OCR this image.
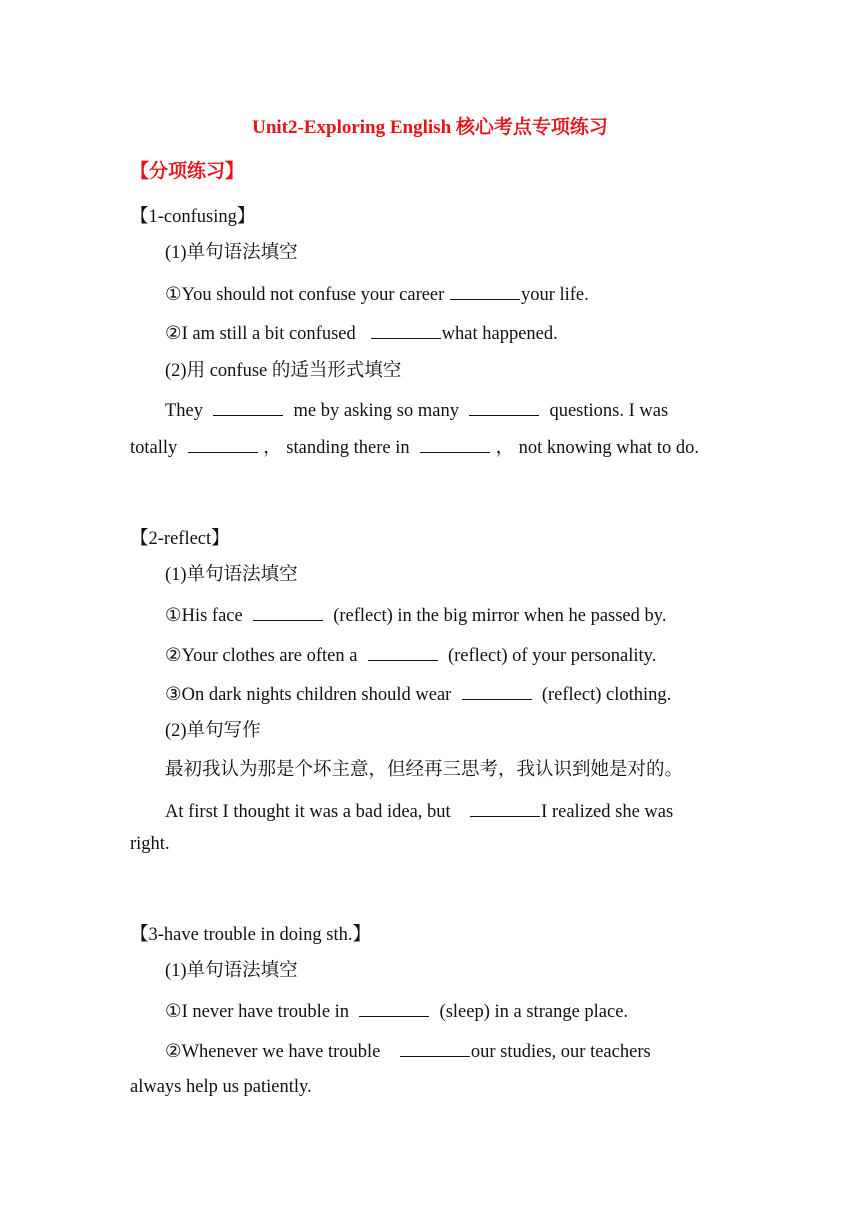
Unit2-Exploring English 核心考点专项练习
【分项练习】
【1-confusing】
(1)单句语法填空
①You should not confuse your career	your life.
②I am still a bit confused	what happened.
(2)用 confuse 的适当形式填空
They	me by asking so many	questions. I was
totally	， standing there in	， not knowing what to do.
【2-reflect】
(1)单句语法填空
①His face	(reflect) in the big mirror when he passed by.
②Your clothes are often a	(reflect) of your personality.
③On dark nights children should wear	(reflect) clothing.
(2)单句写作
最初我认为那是个坏主意，但经再三思考，我认识到她是对的。
At first I thought it was a bad idea, but	I realized she was
right.
【3-have trouble in doing sth.】
(1)单句语法填空
①I never have trouble in	(sleep) in a strange place.
②Whenever we have trouble	our studies, our teachers
always help us patiently.
